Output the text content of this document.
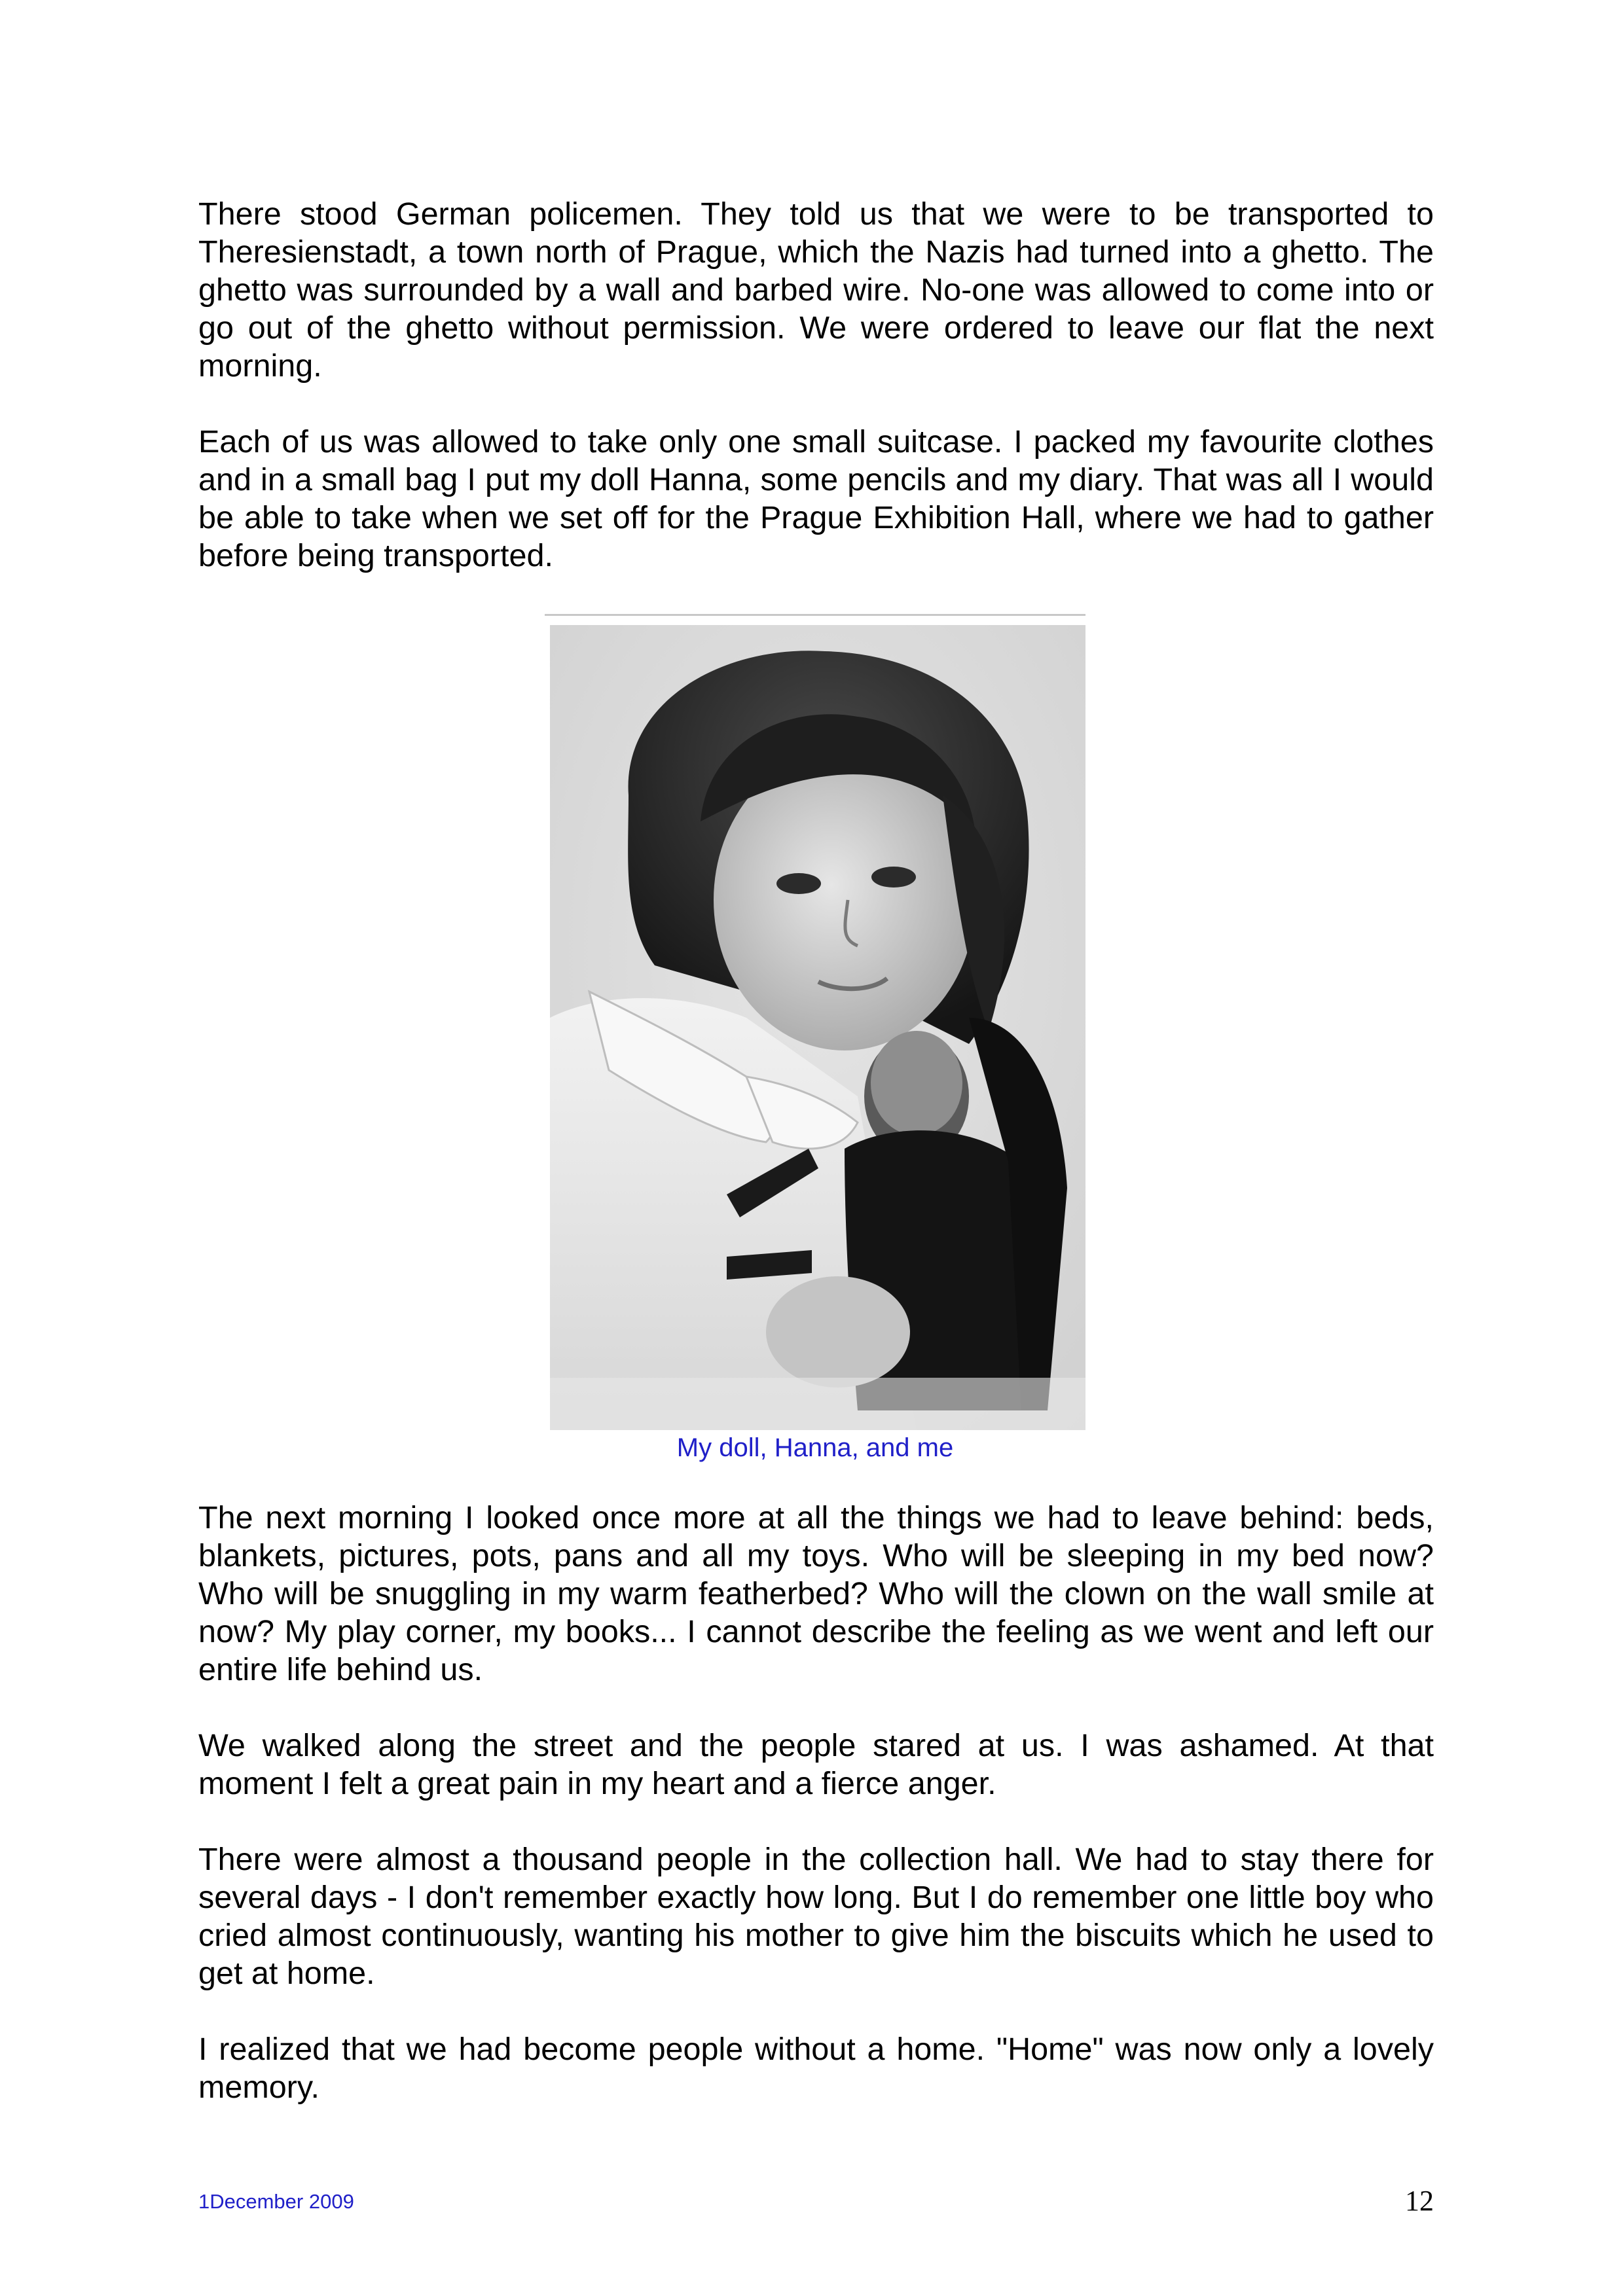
There stood German policemen. They told us that we were to be transported to Theresienstadt, a town north of Prague, which the Nazis had turned into a ghetto. The ghetto was surrounded by a wall and barbed wire. No-one was allowed to come into or go out of the ghetto without permission. We were ordered to leave our flat the next morning.

Each of us was allowed to take only one small suitcase. I packed my favourite clothes and in a small bag I put my doll Hanna, some pencils and my diary. That was all I would be able to take when we set off for the Prague Exhibition Hall, where we had to gather before being transported.

My doll, Hanna, and me

The next morning I looked once more at all the things we had to leave behind: beds, blankets, pictures, pots, pans and all my toys. Who will be sleeping in my bed now? Who will be snuggling in my warm featherbed? Who will the clown on the wall smile at now? My play corner, my books... I cannot describe the feeling as we went and left our entire life behind us.

We walked along the street and the people stared at us. I was ashamed. At that moment I felt a great pain in my heart and a fierce anger.

There were almost a thousand people in the collection hall. We had to stay there for several days - I don't remember exactly how long. But I do remember one little boy who cried almost continuously, wanting his mother to give him the biscuits which he used to get at home.

I realized that we had become people without a home. "Home" was now only a lovely memory.

1December 2009	12
